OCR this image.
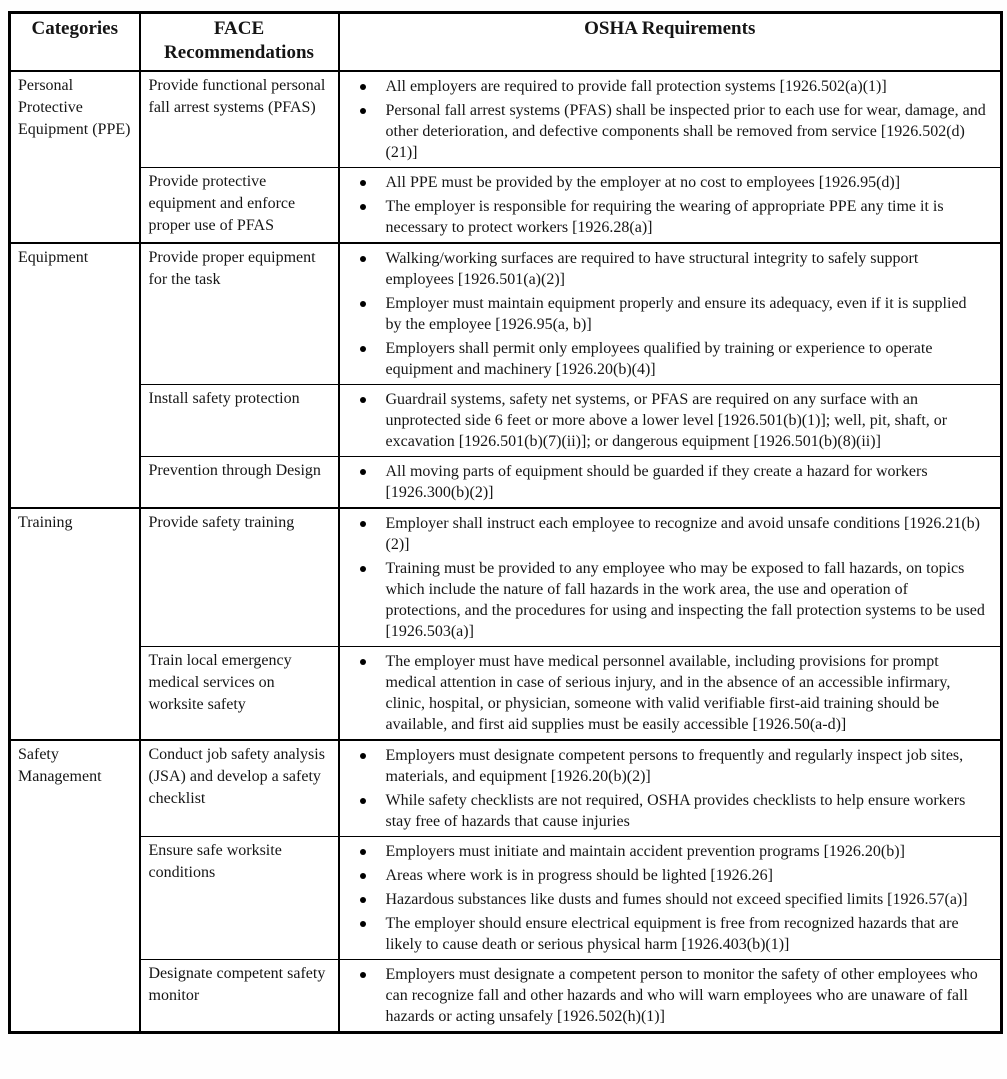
Categories	FACE Recommendations	OSHA Requirements
Personal Protective Equipment (PPE)	Provide functional personal fall arrest systems (PFAS)	All employers are required to provide fall protection systems [1926.502(a)(1)]
Personal fall arrest systems (PFAS) shall be inspected prior to each use for wear, damage, and other deterioration, and defective components shall be removed from service [1926.502(d)(21)]

	Provide protective equipment and enforce proper use of PFAS	All PPE must be provided by the employer at no cost to employees [1926.95(d)]
The employer is responsible for requiring the wearing of appropriate PPE any time it is necessary to protect workers [1926.28(a)]

Equipment	Provide proper equipment for the task	Walking/working surfaces are required to have structural integrity to safely support employees [1926.501(a)(2)]
Employer must maintain equipment properly and ensure its adequacy, even if it is supplied by the employee [1926.95(a, b)]
Employers shall permit only employees qualified by training or experience to operate equipment and machinery [1926.20(b)(4)]

	Install safety protection	Guardrail systems, safety net systems, or PFAS are required on any surface with an unprotected side 6 feet or more above a lower level [1926.501(b)(1)]; well, pit, shaft, or excavation [1926.501(b)(7)(ii)]; or dangerous equipment [1926.501(b)(8)(ii)]

	Prevention through Design	All moving parts of equipment should be guarded if they create a hazard for workers [1926.300(b)(2)]

Training	Provide safety training	Employer shall instruct each employee to recognize and avoid unsafe conditions [1926.21(b)(2)]
Training must be provided to any employee who may be exposed to fall hazards, on topics which include the nature of fall hazards in the work area, the use and operation of protections, and the procedures for using and inspecting the fall protection systems to be used [1926.503(a)]

	Train local emergency medical services on worksite safety	The employer must have medical personnel available, including provisions for prompt medical attention in case of serious injury, and in the absence of an accessible infirmary, clinic, hospital, or physician, someone with valid verifiable first-aid training should be available, and first aid supplies must be easily accessible [1926.50(a-d)]

Safety Management	Conduct job safety analysis (JSA) and develop a safety checklist	Employers must designate competent persons to frequently and regularly inspect job sites, materials, and equipment [1926.20(b)(2)]
While safety checklists are not required, OSHA provides checklists to help ensure workers stay free of hazards that cause injuries

	Ensure safe worksite conditions	Employers must initiate and maintain accident prevention programs [1926.20(b)]
Areas where work is in progress should be lighted [1926.26]
Hazardous substances like dusts and fumes should not exceed specified limits [1926.57(a)]
The employer should ensure electrical equipment is free from recognized hazards that are likely to cause death or serious physical harm [1926.403(b)(1)]

	Designate competent safety monitor	Employers must designate a competent person to monitor the safety of other employees who can recognize fall and other hazards and who will warn employees who are unaware of fall hazards or acting unsafely [1926.502(h)(1)]
